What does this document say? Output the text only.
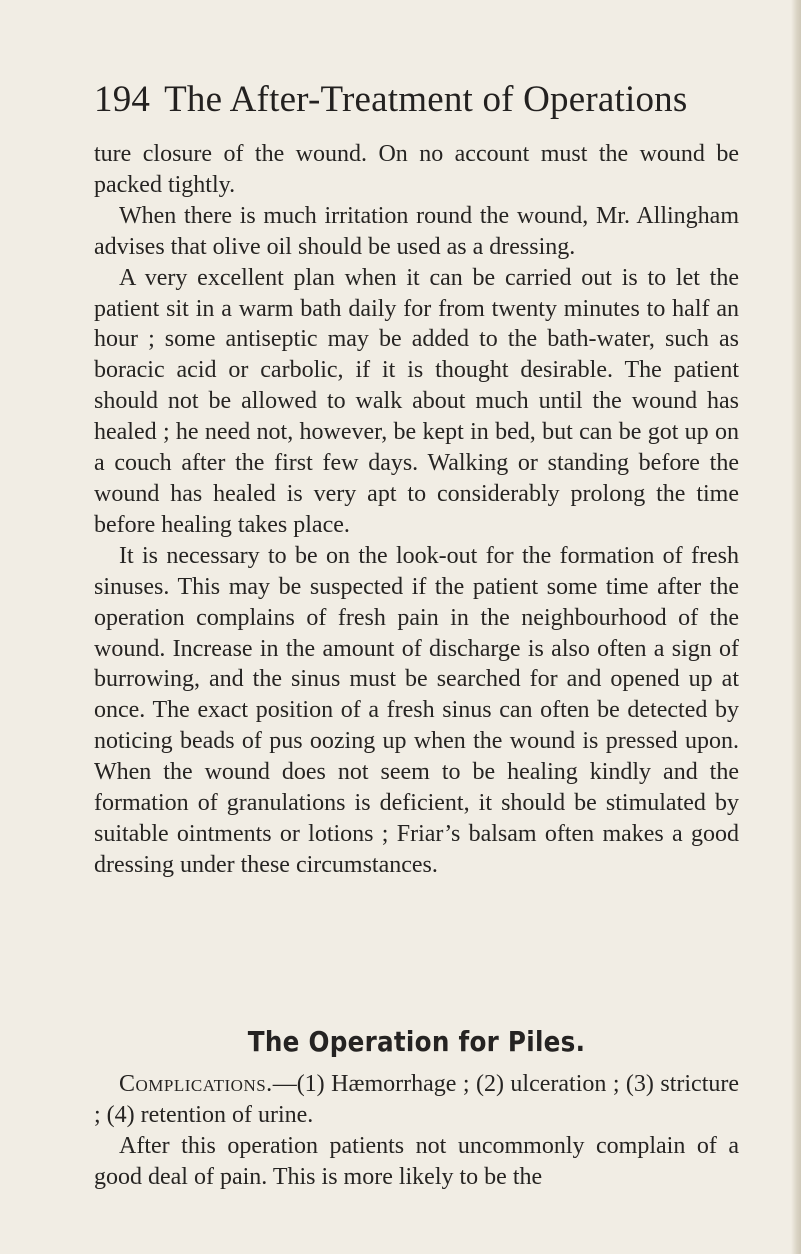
194 The After-Treatment of Operations

ture closure of the wound. On no account must the wound be packed tightly.

When there is much irritation round the wound, Mr. Allingham advises that olive oil should be used as a dressing.

A very excellent plan when it can be carried out is to let the patient sit in a warm bath daily for from twenty minutes to half an hour ; some antiseptic may be added to the bath-water, such as boracic acid or carbolic, if it is thought desirable. The patient should not be allowed to walk about much until the wound has healed ; he need not, however, be kept in bed, but can be got up on a couch after the first few days. Walking or standing before the wound has healed is very apt to considerably prolong the time before healing takes place.

It is necessary to be on the look-out for the formation of fresh sinuses. This may be suspected if the patient some time after the operation complains of fresh pain in the neighbourhood of the wound. Increase in the amount of discharge is also often a sign of burrowing, and the sinus must be searched for and opened up at once. The exact position of a fresh sinus can often be detected by noticing beads of pus oozing up when the wound is pressed upon. When the wound does not seem to be healing kindly and the formation of granulations is deficient, it should be stimulated by suitable ointments or lotions ; Friar’s balsam often makes a good dressing under these circumstances.

The Operation for Piles.

Complications.—(1) Hæmorrhage ; (2) ulceration ; (3) stricture ; (4) retention of urine.

After this operation patients not uncommonly complain of a good deal of pain. This is more likely to be the
